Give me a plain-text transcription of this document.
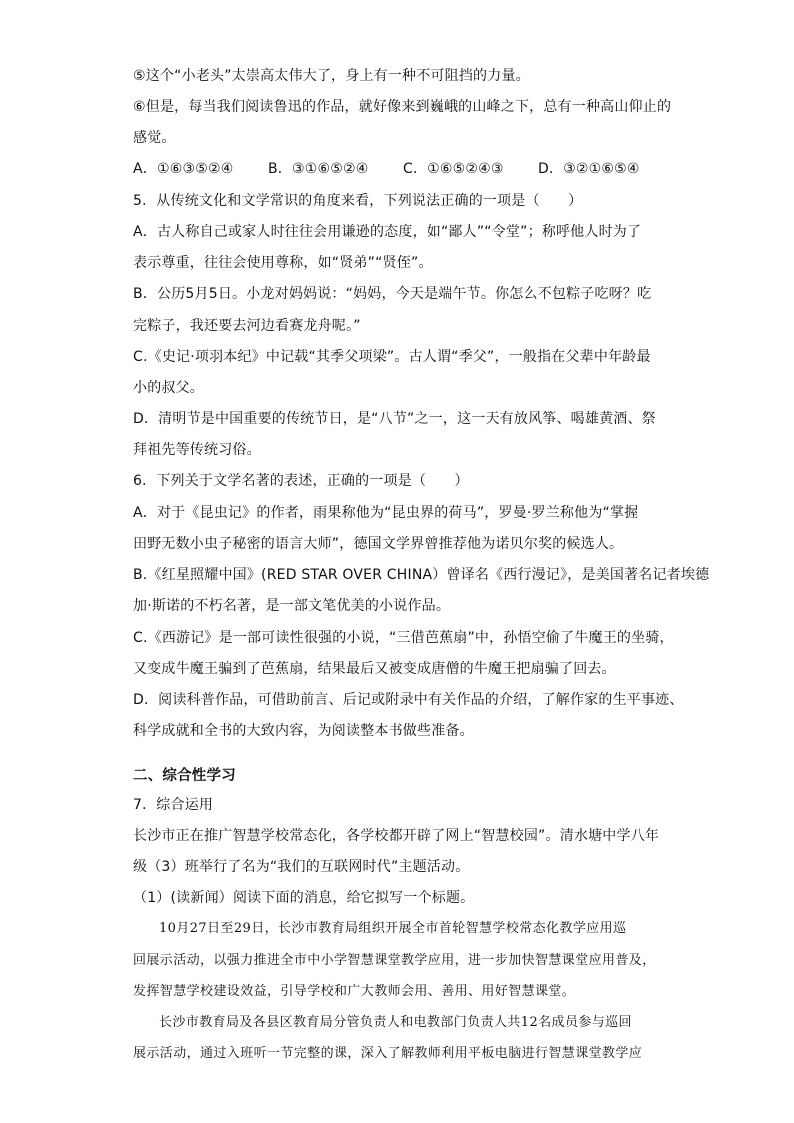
⑤这个“小老头”太崇高太伟大了，身上有一种不可阻挡的力量。
⑥但是，每当我们阅读鲁迅的作品，就好像来到巍峨的山峰之下，总有一种高山仰止的
感觉。
A．①⑥③⑤②④	B．③①⑥⑤②④	C．①⑥⑤②④③	D．③②①⑥⑤④
5．从传统文化和文学常识的角度来看，下列说法正确的一项是（　　）
A．古人称自己或家人时往往会用谦逊的态度，如“鄙人”“令堂”；称呼他人时为了
表示尊重，往往会使用尊称，如“贤弟”“贤侄”。
B．公历5月5日。小龙对妈妈说：“妈妈，今天是端午节。你怎么不包粽子吃呀？吃
完粽子，我还要去河边看赛龙舟呢。”
C.《史记·项羽本纪》中记载“其季父项梁”。古人谓“季父”，一般指在父辈中年龄最
小的叔父。
D．清明节是中国重要的传统节日，是“八节”之一，这一天有放风筝、喝雄黄酒、祭
拜祖先等传统习俗。
6．下列关于文学名著的表述，正确的一项是（　　）
A．对于《昆虫记》的作者，雨果称他为“昆虫界的荷马”，罗曼·罗兰称他为“掌握
田野无数小虫子秘密的语言大师”，德国文学界曾推荐他为诺贝尔奖的候选人。
B.《红星照耀中国》(RED STAR OVER CHINA）曾译名《西行漫记》，是美国著名记者埃德
加·斯诺的不朽名著，是一部文笔优美的小说作品。
C.《西游记》是一部可读性很强的小说，“三借芭蕉扇”中，孙悟空偷了牛魔王的坐骑，
又变成牛魔王骗到了芭蕉扇，结果最后又被变成唐僧的牛魔王把扇骗了回去。
D．阅读科普作品，可借助前言、后记或附录中有关作品的介绍，了解作家的生平事迹、
科学成就和全书的大致内容，为阅读整本书做些准备。
二、综合性学习
7．综合运用
长沙市正在推广智慧学校常态化，各学校都开辟了网上“智慧校园”。清水塘中学八年
级（3）班举行了名为“我们的互联网时代”主题活动。
（1）(读新闻）阅读下面的消息，给它拟写一个标题。
10月27日至29日，长沙市教育局组织开展全市首轮智慧学校常态化教学应用巡
回展示活动，以强力推进全市中小学智慧课堂教学应用，进一步加快智慧课堂应用普及，
发挥智慧学校建设效益，引导学校和广大教师会用、善用、用好智慧课堂。
长沙市教育局及各县区教育局分管负责人和电教部门负责人共12名成员参与巡回
展示活动，通过入班听一节完整的课，深入了解教师利用平板电脑进行智慧课堂教学应
